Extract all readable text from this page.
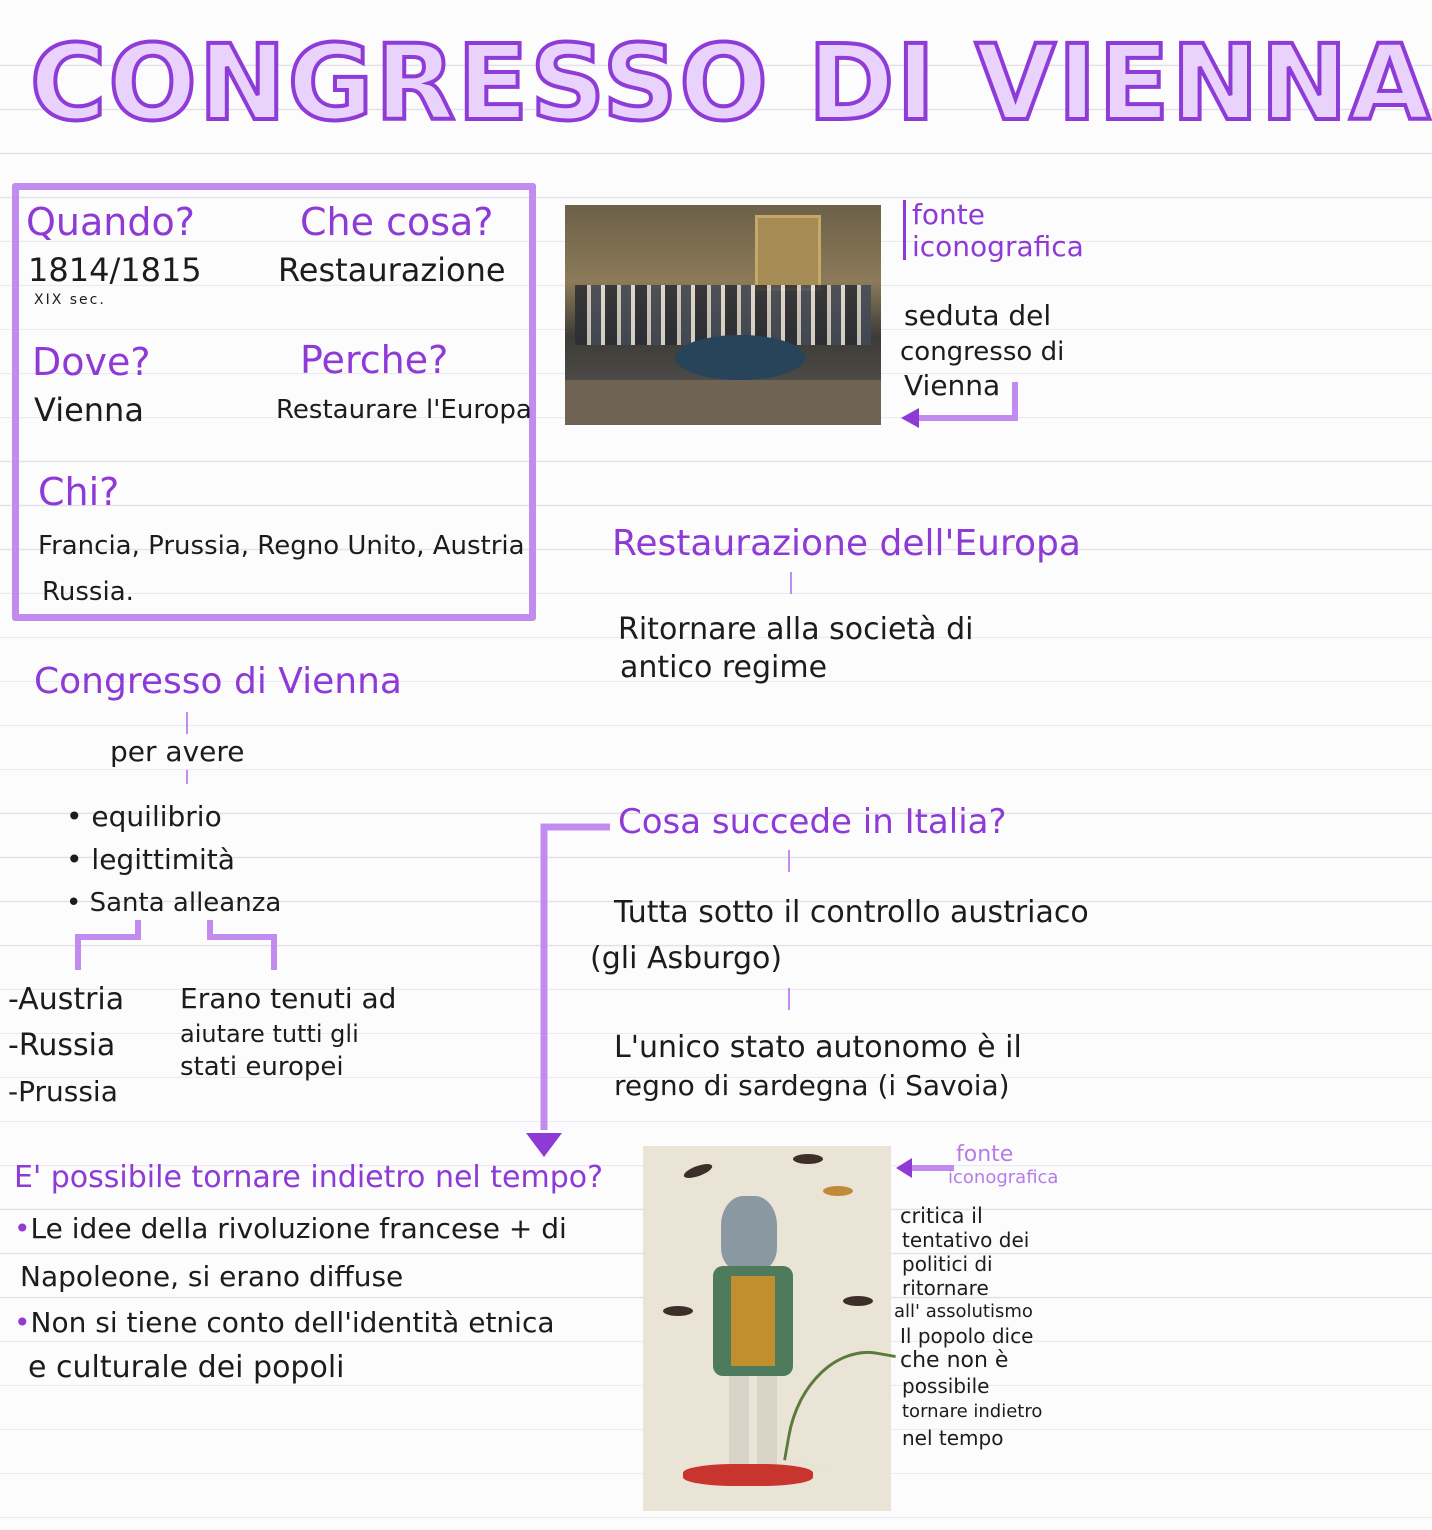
CONGRESSO DI VIENNA
Quando?
1814/1815
XIX sec.
Che cosa?
Restaurazione
Dove?
Vienna
Perche?
Restaurare l'Europa
Chi?
Francia, Prussia, Regno Unito, Austria
Russia.
fonte
iconografica
seduta del
congresso di
Vienna
Restaurazione dell'Europa
Ritornare alla società di
antico regime
Congresso di Vienna
per avere
• equilibrio
• legittimità
• Santa alleanza
-Austria
-Russia
-Prussia
Erano tenuti ad
aiutare tutti gli
stati europei
Cosa succede in Italia?
Tutta sotto il controllo austriaco
(gli Asburgo)
L'unico stato autonomo è il
regno di sardegna (i Savoia)
E' possibile tornare indietro nel tempo?
•Le idee della rivoluzione francese + di
Napoleone, si erano diffuse
•Non si tiene conto dell'identità etnica
e culturale dei popoli
fonte
iconografica
critica il
tentativo dei
politici di
ritornare
all' assolutismo
Il popolo dice
che non è
possibile
tornare indietro
nel tempo
